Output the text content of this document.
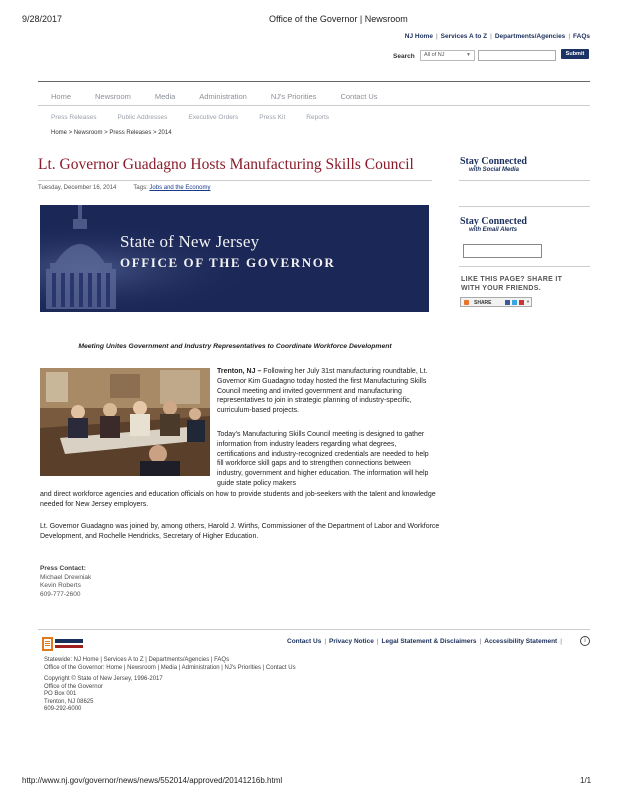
9/28/2017	Office of the Governor | Newsroom
NJ Home | Services A to Z | Departments/Agencies | FAQs
Search	All of NJ	▼	Submit
Home	Newsroom	Media	Administration	NJ's Priorities	Contact Us
Press Releases	Public Addresses	Executive Orders	Press Kit	Reports
Home > Newsroom > Press Releases > 2014
Lt. Governor Guadagno Hosts Manufacturing Skills Council
Tuesday, December 16, 2014	Tags: Jobs and the Economy
State of New Jersey
OFFICE OF THE GOVERNOR
Meeting Unites Government and Industry Representatives to Coordinate Workforce Development
Trenton, NJ – Following her July 31st manufacturing roundtable, Lt. Governor Kim Guadagno today hosted the first Manufacturing Skills Council meeting and invited government and manufacturing representatives to join in strategic planning of industry-specific, curriculum-based projects.
Today's Manufacturing Skills Council meeting is designed to gather information from industry leaders regarding what degrees, certifications and industry-recognized credentials are needed to help fill workforce skill gaps and to strengthen connections between industry, government and higher education. The information will help guide state policy makers
and direct workforce agencies and education officials on how to provide students and job-seekers with the talent and knowledge needed for New Jersey employers.
Lt. Governor Guadagno was joined by, among others, Harold J. Wirths, Commissioner of the Department of Labor and Workforce Development, and Rochelle Hendricks, Secretary of Higher Education.
Press Contact:
Michael Drewniak
Kevin Roberts
609-777-2600
Stay Connected
with Social Media
Stay Connected
with Email Alerts
LIKE THIS PAGE? SHARE IT WITH YOUR FRIENDS.
SHARE	▼
Contact Us | Privacy Notice | Legal Statement & Disclaimers | Accessibility Statement |	i
Statewide: NJ Home | Services A to Z | Departments/Agencies | FAQs
Office of the Governor: Home | Newsroom | Media | Administration | NJ's Priorities | Contact Us
Copyright © State of New Jersey, 1996-2017
Office of the Governor
PO Box 001
Trenton, NJ 08625
609-292-6000
http://www.nj.gov/governor/news/news/552014/approved/20141216b.html	1/1
